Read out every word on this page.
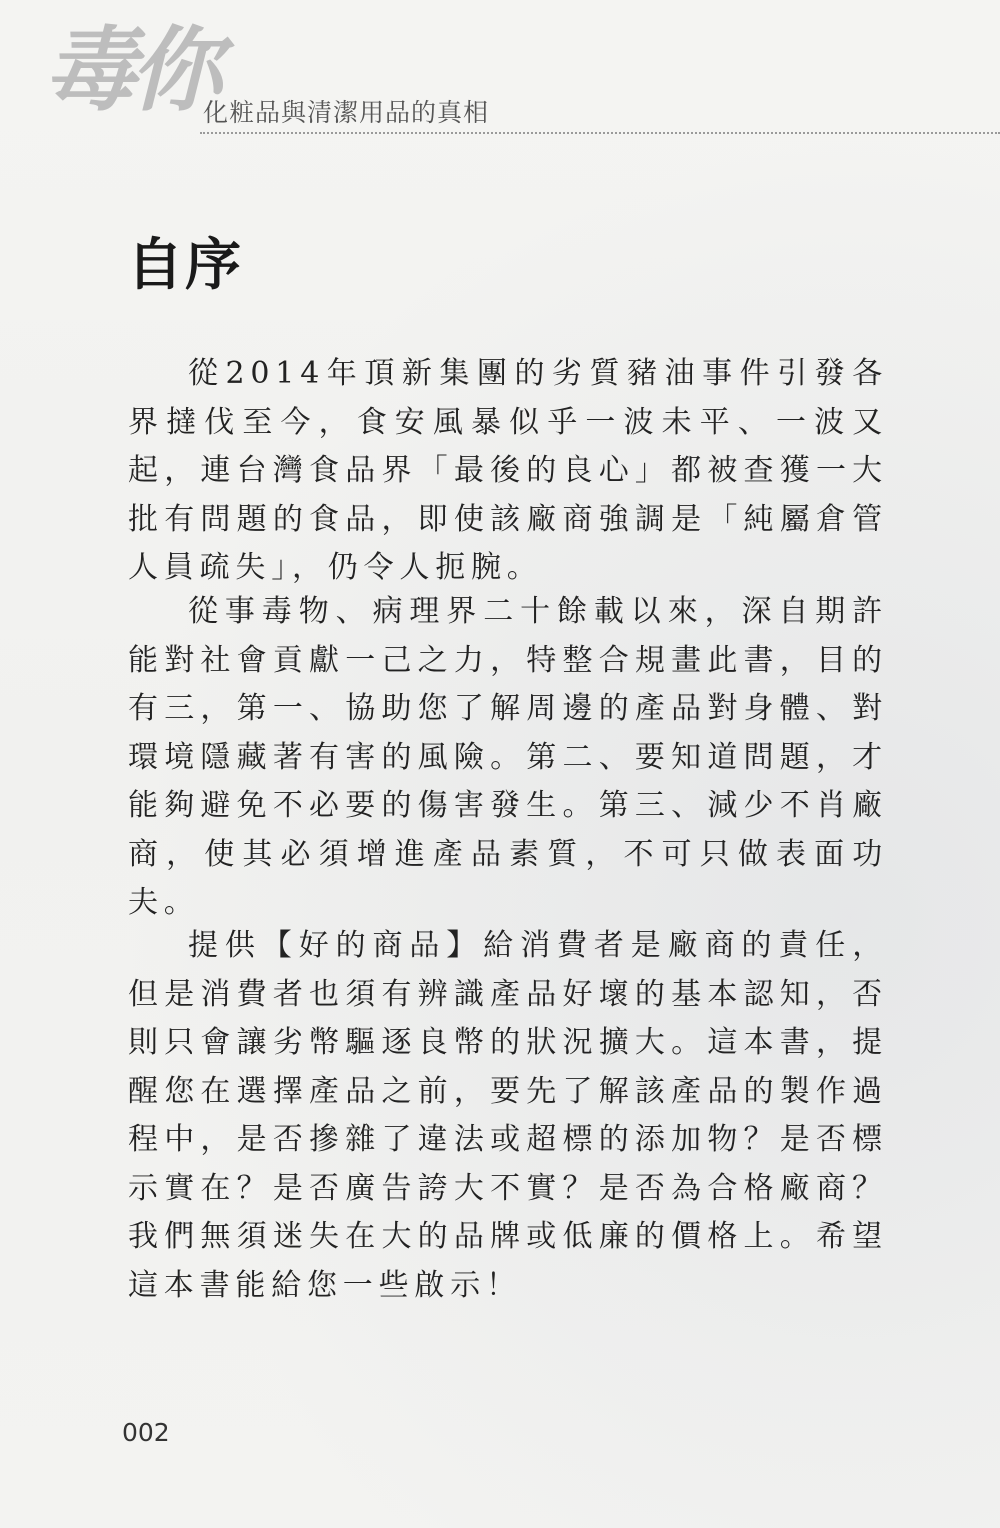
毒你
化粧品與清潔用品的真相
自序

從2014年頂新集團的劣質豬油事件引發各界撻伐至今，食安風暴似乎一波未平、一波又起，連台灣食品界「最後的良心」都被查獲一大批有問題的食品，即使該廠商強調是「純屬倉管人員疏失」，仍令人扼腕。

從事毒物、病理界二十餘載以來，深自期許能對社會貢獻一己之力，特整合規畫此書，目的有三，第一、協助您了解周邊的產品對身體、對環境隱藏著有害的風險。第二、要知道問題，才能夠避免不必要的傷害發生。第三、減少不肖廠商，使其必須增進產品素質，不可只做表面功夫。

提供【好的商品】給消費者是廠商的責任，但是消費者也須有辨識產品好壞的基本認知，否則只會讓劣幣驅逐良幣的狀況擴大。這本書，提醒您在選擇產品之前，要先了解該產品的製作過程中，是否摻雜了違法或超標的添加物？是否標示實在？是否廣告誇大不實？是否為合格廠商？我們無須迷失在大的品牌或低廉的價格上。希望這本書能給您一些啟示！

002
